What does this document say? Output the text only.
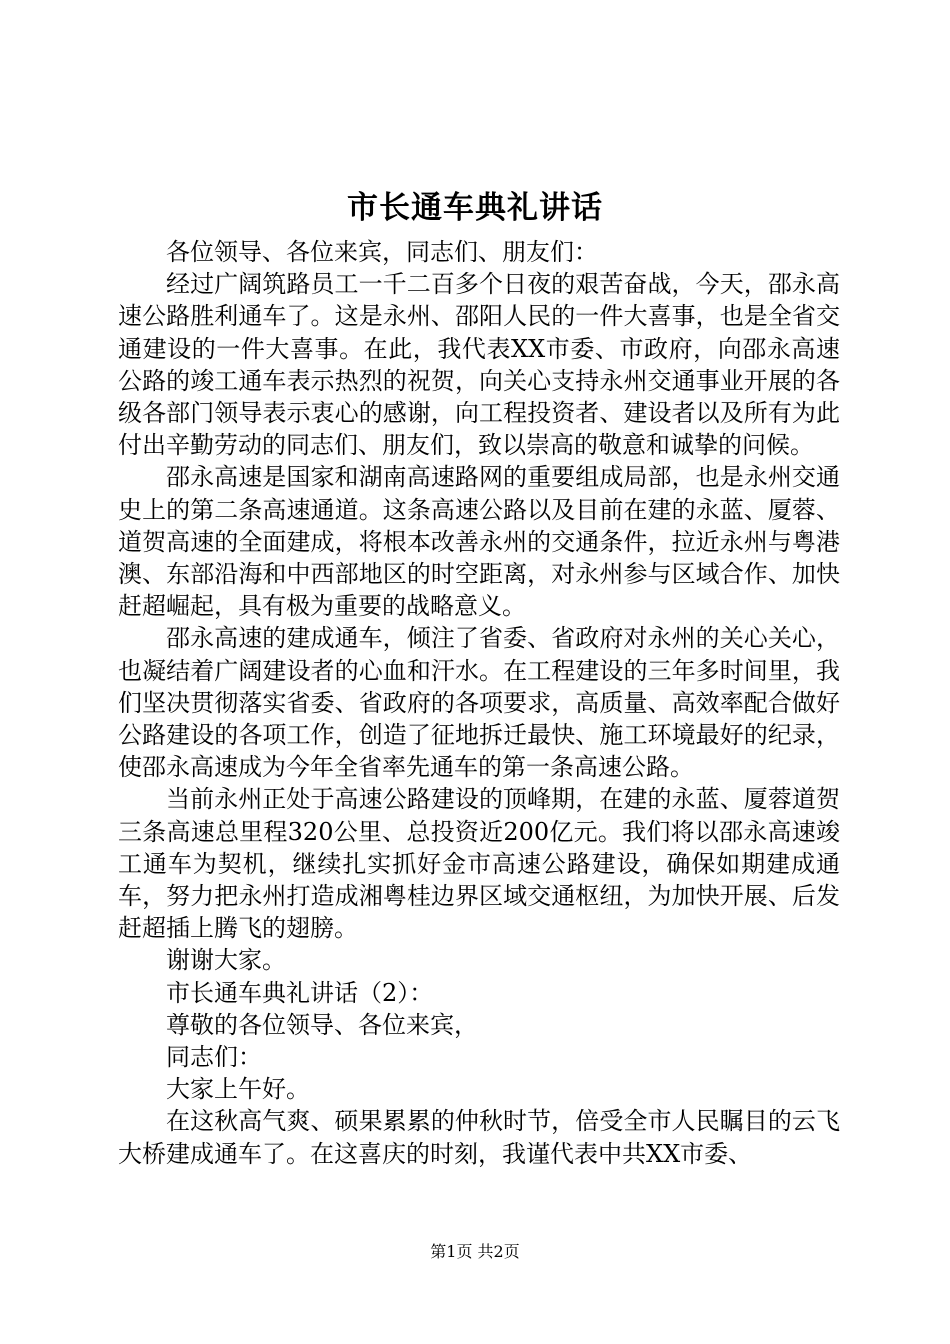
市长通车典礼讲话

各位领导、各位来宾，同志们、朋友们：

经过广阔筑路员工一千二百多个日夜的艰苦奋战，今天，邵永高速公路胜利通车了。这是永州、邵阳人民的一件大喜事，也是全省交通建设的一件大喜事。在此，我代表XX市委、市政府，向邵永高速公路的竣工通车表示热烈的祝贺，向关心支持永州交通事业开展的各级各部门领导表示衷心的感谢，向工程投资者、建设者以及所有为此付出辛勤劳动的同志们、朋友们，致以崇高的敬意和诚挚的问候。

邵永高速是国家和湖南高速路网的重要组成局部，也是永州交通史上的第二条高速通道。这条高速公路以及目前在建的永蓝、厦蓉、道贺高速的全面建成，将根本改善永州的交通条件，拉近永州与粤港澳、东部沿海和中西部地区的时空距离，对永州参与区域合作、加快赶超崛起，具有极为重要的战略意义。

邵永高速的建成通车，倾注了省委、省政府对永州的关心关心，也凝结着广阔建设者的心血和汗水。在工程建设的三年多时间里，我们坚决贯彻落实省委、省政府的各项要求，高质量、高效率配合做好公路建设的各项工作，创造了征地拆迁最快、施工环境最好的纪录，使邵永高速成为今年全省率先通车的第一条高速公路。

当前永州正处于高速公路建设的顶峰期，在建的永蓝、厦蓉道贺三条高速总里程320公里、总投资近200亿元。我们将以邵永高速竣工通车为契机，继续扎实抓好金市高速公路建设，确保如期建成通车，努力把永州打造成湘粤桂边界区域交通枢纽，为加快开展、后发赶超插上腾飞的翅膀。

谢谢大家。

市长通车典礼讲话（2）：

尊敬的各位领导、各位来宾，

同志们：

大家上午好。

在这秋高气爽、硕果累累的仲秋时节，倍受全市人民瞩目的云飞大桥建成通车了。在这喜庆的时刻，我谨代表中共XX市委、

第1页 共2页
